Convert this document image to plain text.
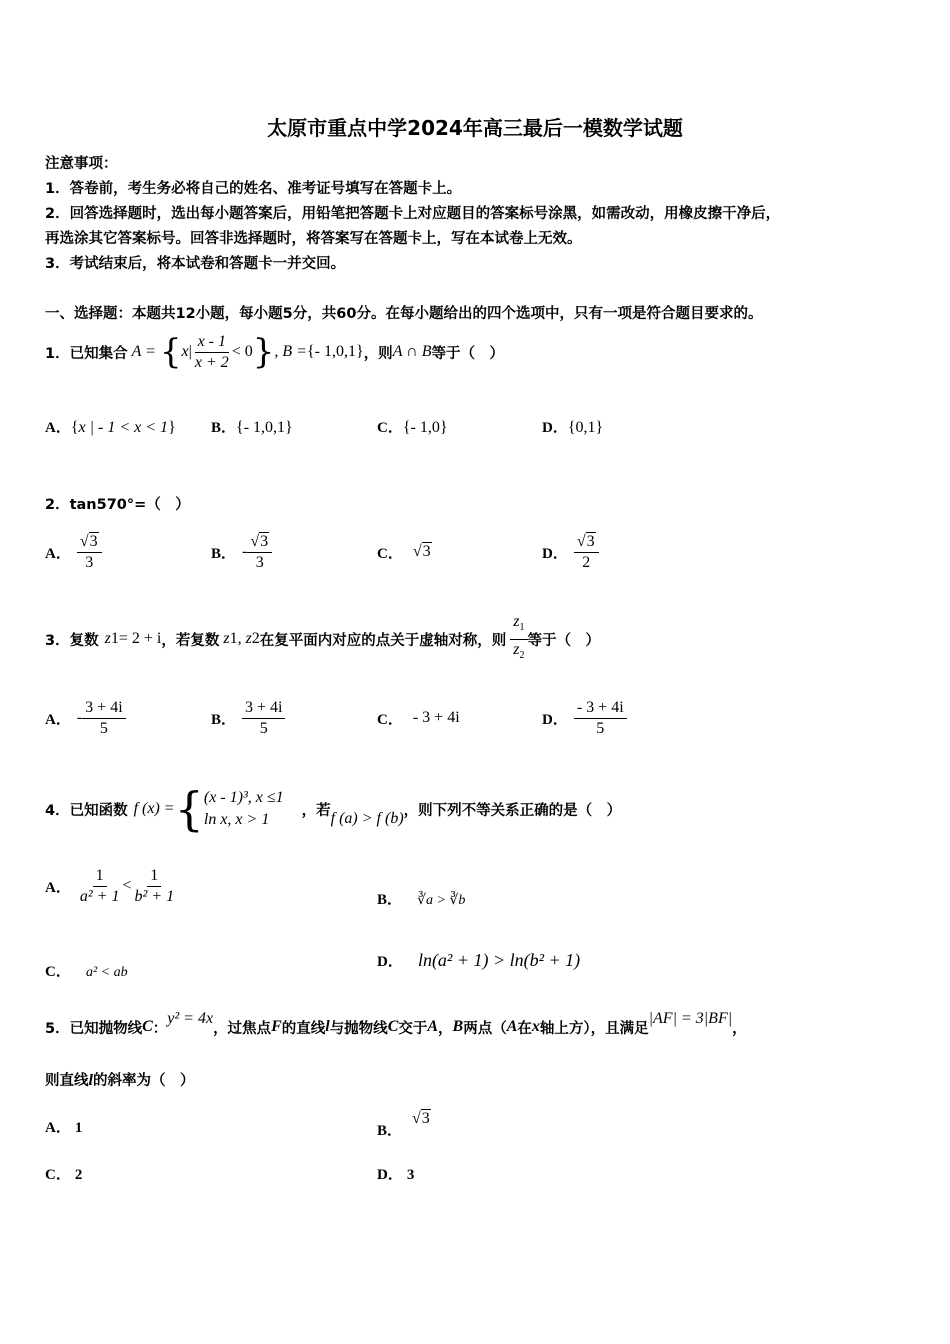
太原市重点中学2024年高三最后一模数学试题
注意事项：
1．答卷前，考生务必将自己的姓名、准考证号填写在答题卡上。
2．回答选择题时，选出每小题答案后，用铅笔把答题卡上对应题目的答案标号涂黑，如需改动，用橡皮擦干净后，
再选涂其它答案标号。回答非选择题时，将答案写在答题卡上，写在本试卷上无效。
3．考试结束后，将本试卷和答题卡一并交回。
一、选择题：本题共12小题，每小题5分，共60分。在每小题给出的四个选项中，只有一项是符合题目要求的。
1．已知集合 A = { x | $\frac{x - 1}{x + 2} < 0$ } , B = { - 1,0,1 } ，则 A ∩ B 等于（　）
A．{x | - 1 < x < 1} B．{- 1,0,1}	C．{- 1,0}	D．{0,1}
2．tan570°=（　）
A． $\frac{√3}{3}$	B． - $\frac{√3}{3}$	C． √3	D． $\frac{√3}{2}$
3．复数 z 1 = 2 + i ，若复数 z 1 , z 2 在复平面内对应的点关于虚轴对称，则 $\frac{z_1}{z_2}$ 等于（　）
A． - $\frac{3 + 4i}{5}$	B． $\frac{3 + 4i}{5}$	C． - 3 + 4i	D． $\frac{- 3 + 4i}{5}$
4．已知函数 f (x) = { (x - 1)³, x ≤1
ln x, x > 1
，若 f (a) > f (b) ，则下列不等关系正确的是（　）
A． $\frac{1}{\text{a² + 1}} < \frac{1}{\text{b² + 1}}$	B． ∛a > ∛b
C． a² < ab
D． ln(a² + 1) > ln(b² + 1)
5．已知抛物线 C ：
y² = 4x
，过焦点 F 的直线 l 与抛物线 C 交于 A ， B 两点（ A 在 x 轴上方），且满足
|AF| = 3|BF|
，
则直线l的斜率为（　）
A． 1	B．
√3
C． 2	D． 3
